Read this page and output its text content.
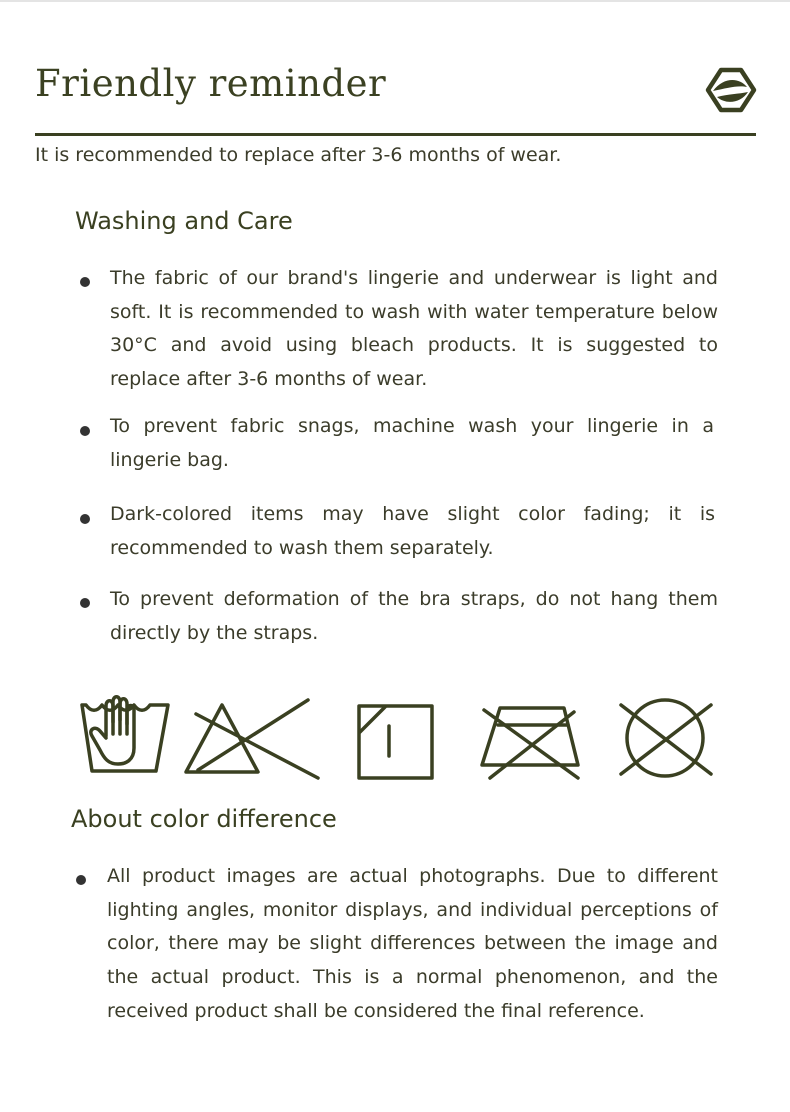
Friendly reminder

It is recommended to replace after 3-6 months of wear.

Washing and Care

The fabric of our brand's lingerie and underwear is light and soft. It is recommended to wash with water temperature below 30°C and avoid using bleach products. It is suggested to replace after 3-6 months of wear.

To prevent fabric snags, machine wash your lingerie in a lingerie bag.

Dark-colored items may have slight color fading; it is recommended to wash them separately.

To prevent deformation of the bra straps, do not hang them directly by the straps.

About color difference

All product images are actual photographs. Due to different lighting angles, monitor displays, and individual perceptions of color, there may be slight differences between the image and the actual product. This is a normal phenomenon, and the received product shall be considered the final reference.
